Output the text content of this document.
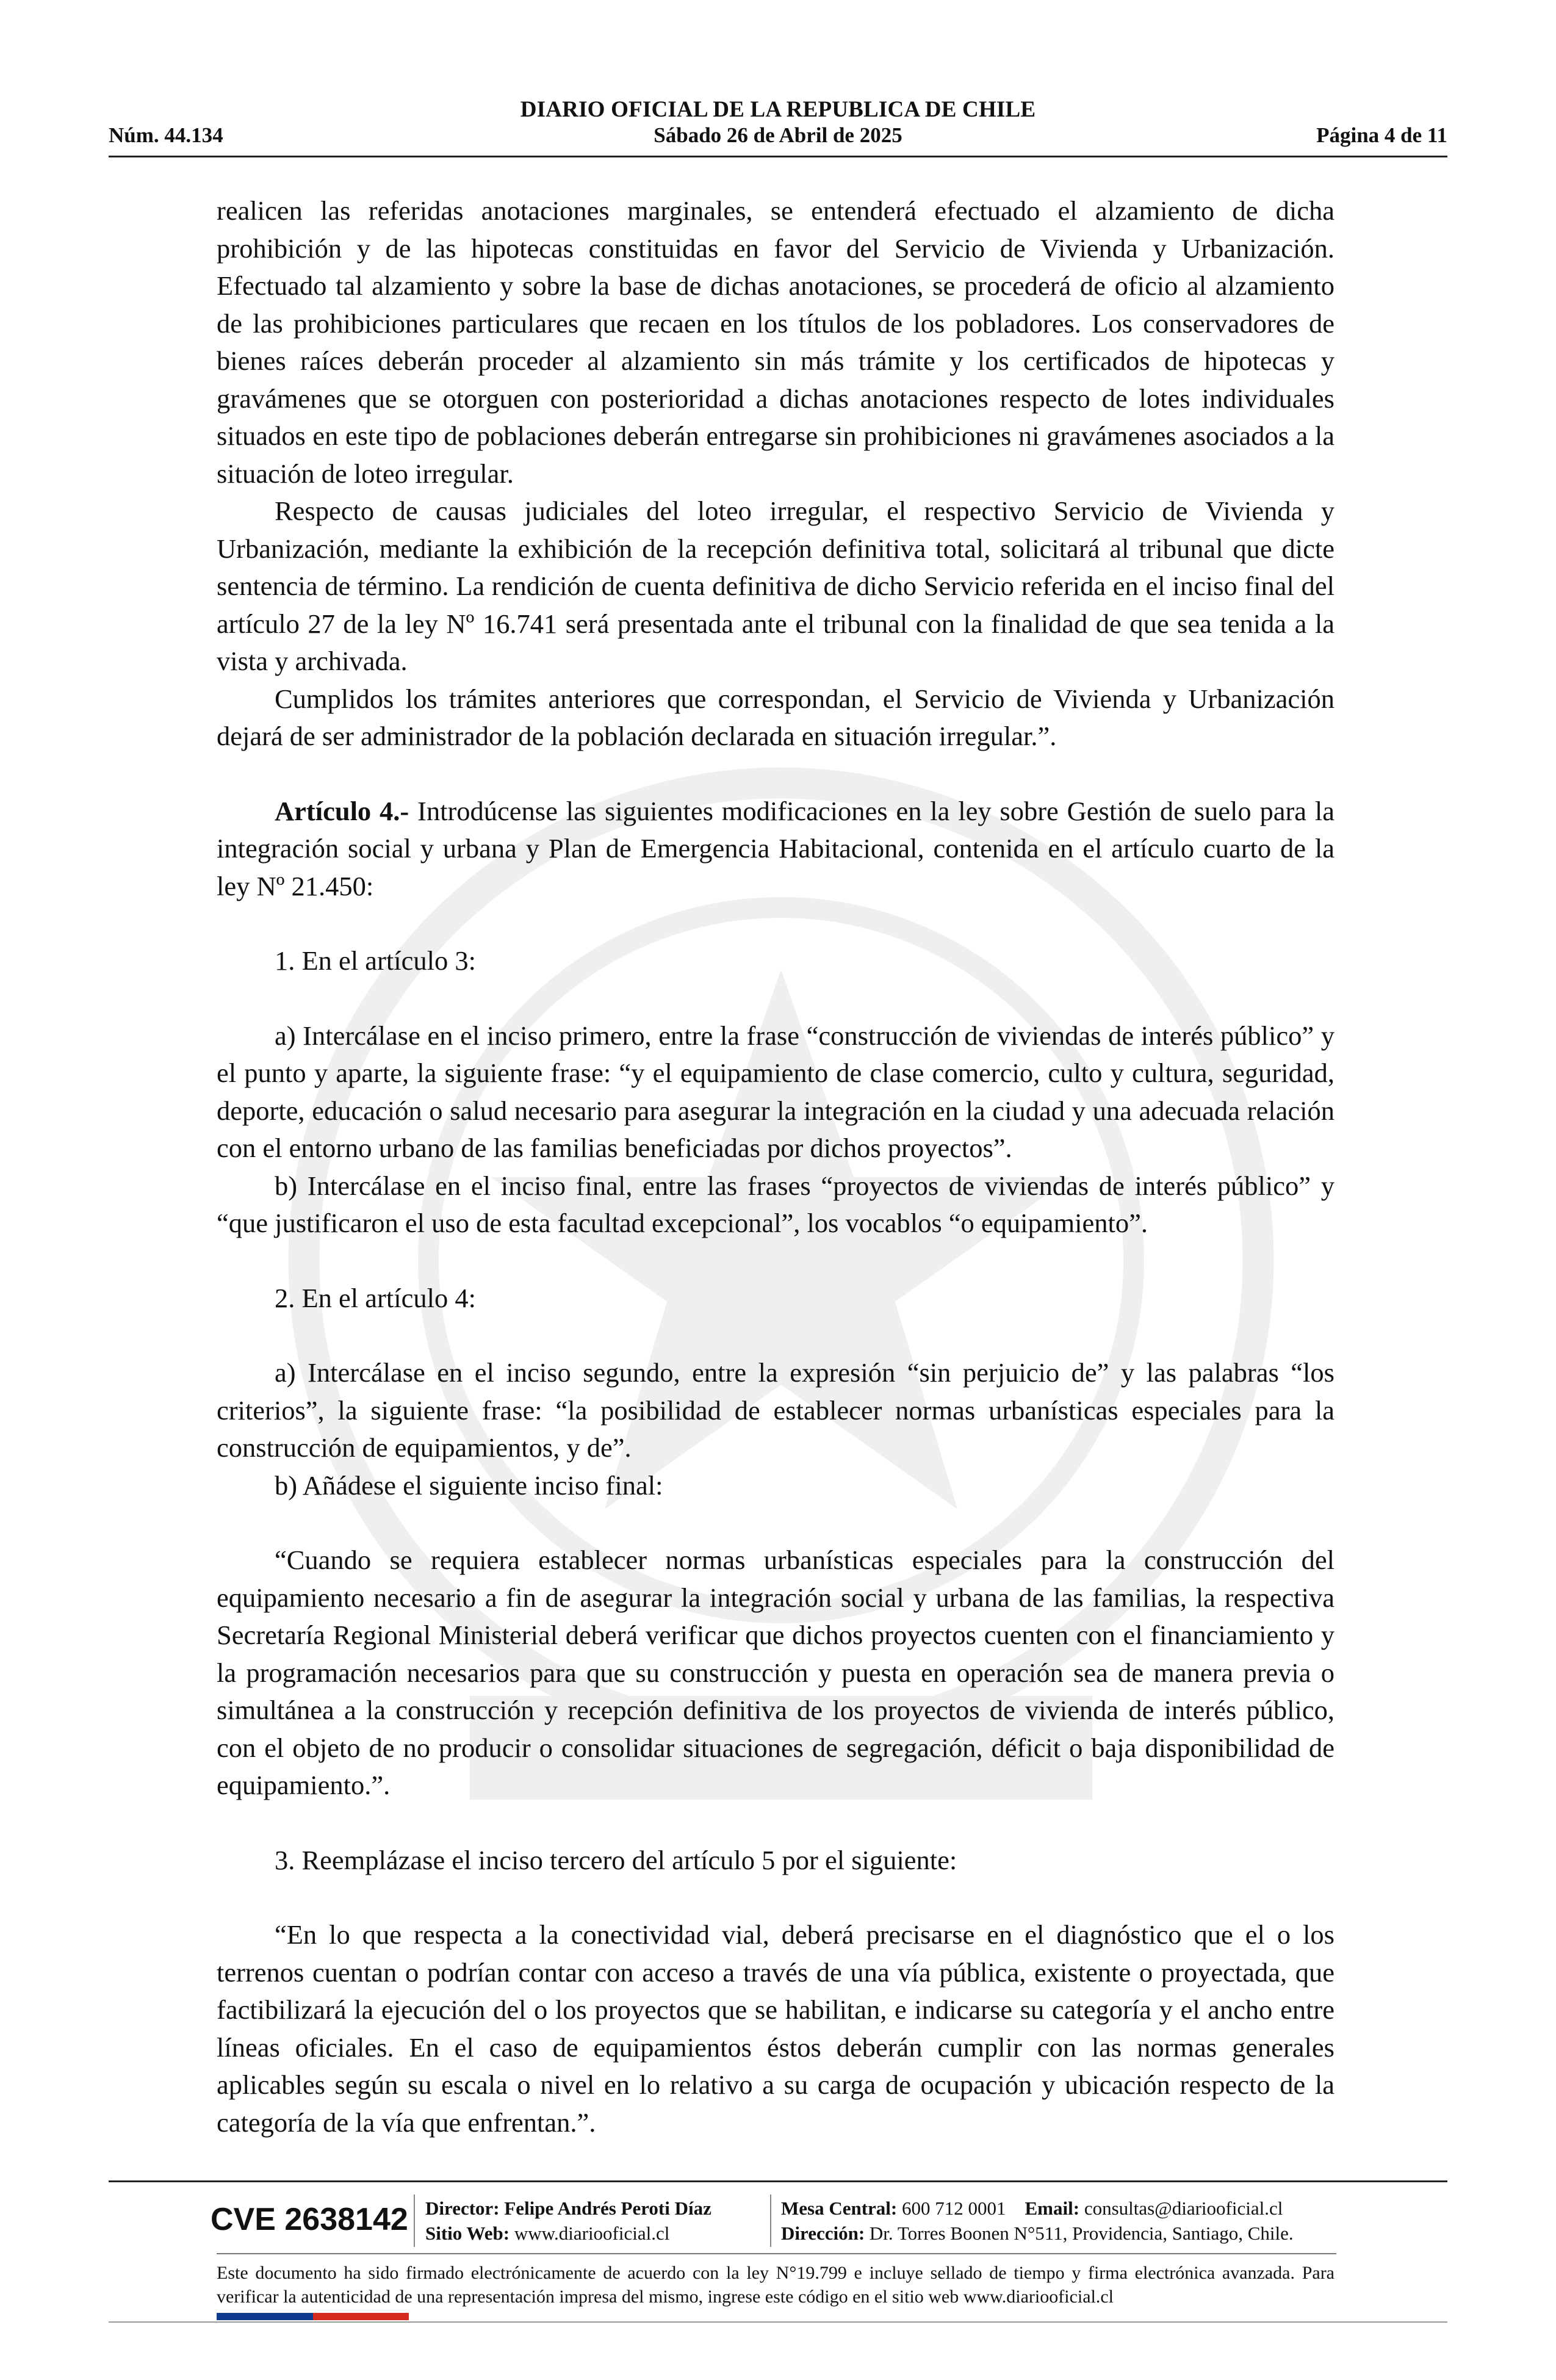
DIARIO OFICIAL DE LA REPUBLICA DE CHILE
Núm. 44.134	Sábado 26 de Abril de 2025	Página 4 de 11

realicen las referidas anotaciones marginales, se entenderá efectuado el alzamiento de dicha prohibición y de las hipotecas constituidas en favor del Servicio de Vivienda y Urbanización. Efectuado tal alzamiento y sobre la base de dichas anotaciones, se procederá de oficio al alzamiento de las prohibiciones particulares que recaen en los títulos de los pobladores. Los conservadores de bienes raíces deberán proceder al alzamiento sin más trámite y los certificados de hipotecas y gravámenes que se otorguen con posterioridad a dichas anotaciones respecto de lotes individuales situados en este tipo de poblaciones deberán entregarse sin prohibiciones ni gravámenes asociados a la situación de loteo irregular.

Respecto de causas judiciales del loteo irregular, el respectivo Servicio de Vivienda y Urbanización, mediante la exhibición de la recepción definitiva total, solicitará al tribunal que dicte sentencia de término. La rendición de cuenta definitiva de dicho Servicio referida en el inciso final del artículo 27 de la ley Nº 16.741 será presentada ante el tribunal con la finalidad de que sea tenida a la vista y archivada.

Cumplidos los trámites anteriores que correspondan, el Servicio de Vivienda y Urbanización dejará de ser administrador de la población declarada en situación irregular.”.

Artículo 4.- Introdúcense las siguientes modificaciones en la ley sobre Gestión de suelo para la integración social y urbana y Plan de Emergencia Habitacional, contenida en el artículo cuarto de la ley Nº 21.450:

1. En el artículo 3:

a) Intercálase en el inciso primero, entre la frase “construcción de viviendas de interés público” y el punto y aparte, la siguiente frase: “y el equipamiento de clase comercio, culto y cultura, seguridad, deporte, educación o salud necesario para asegurar la integración en la ciudad y una adecuada relación con el entorno urbano de las familias beneficiadas por dichos proyectos”.

b) Intercálase en el inciso final, entre las frases “proyectos de viviendas de interés público” y “que justificaron el uso de esta facultad excepcional”, los vocablos “o equipamiento”.

2. En el artículo 4:

a) Intercálase en el inciso segundo, entre la expresión “sin perjuicio de” y las palabras “los criterios”, la siguiente frase: “la posibilidad de establecer normas urbanísticas especiales para la construcción de equipamientos, y de”.

b) Añádese el siguiente inciso final:

“Cuando se requiera establecer normas urbanísticas especiales para la construcción del equipamiento necesario a fin de asegurar la integración social y urbana de las familias, la respectiva Secretaría Regional Ministerial deberá verificar que dichos proyectos cuenten con el financiamiento y la programación necesarios para que su construcción y puesta en operación sea de manera previa o simultánea a la construcción y recepción definitiva de los proyectos de vivienda de interés público, con el objeto de no producir o consolidar situaciones de segregación, déficit o baja disponibilidad de equipamiento.”.

3. Reemplázase el inciso tercero del artículo 5 por el siguiente:

“En lo que respecta a la conectividad vial, deberá precisarse en el diagnóstico que el o los terrenos cuentan o podrían contar con acceso a través de una vía pública, existente o proyectada, que factibilizará la ejecución del o los proyectos que se habilitan, e indicarse su categoría y el ancho entre líneas oficiales. En el caso de equipamientos éstos deberán cumplir con las normas generales aplicables según su escala o nivel en lo relativo a su carga de ocupación y ubicación respecto de la categoría de la vía que enfrentan.”.

CVE 2638142 Director: Felipe Andrés Peroti Díaz
Sitio Web: www.diariooficial.cl
Mesa Central: 600 712 0001 Email: consultas@diariooficial.cl
Dirección: Dr. Torres Boonen N°511, Providencia, Santiago, Chile.
Este documento ha sido firmado electrónicamente de acuerdo con la ley N°19.799 e incluye sellado de tiempo y firma electrónica avanzada. Para verificar la autenticidad de una representación impresa del mismo, ingrese este código en el sitio web www.diariooficial.cl
